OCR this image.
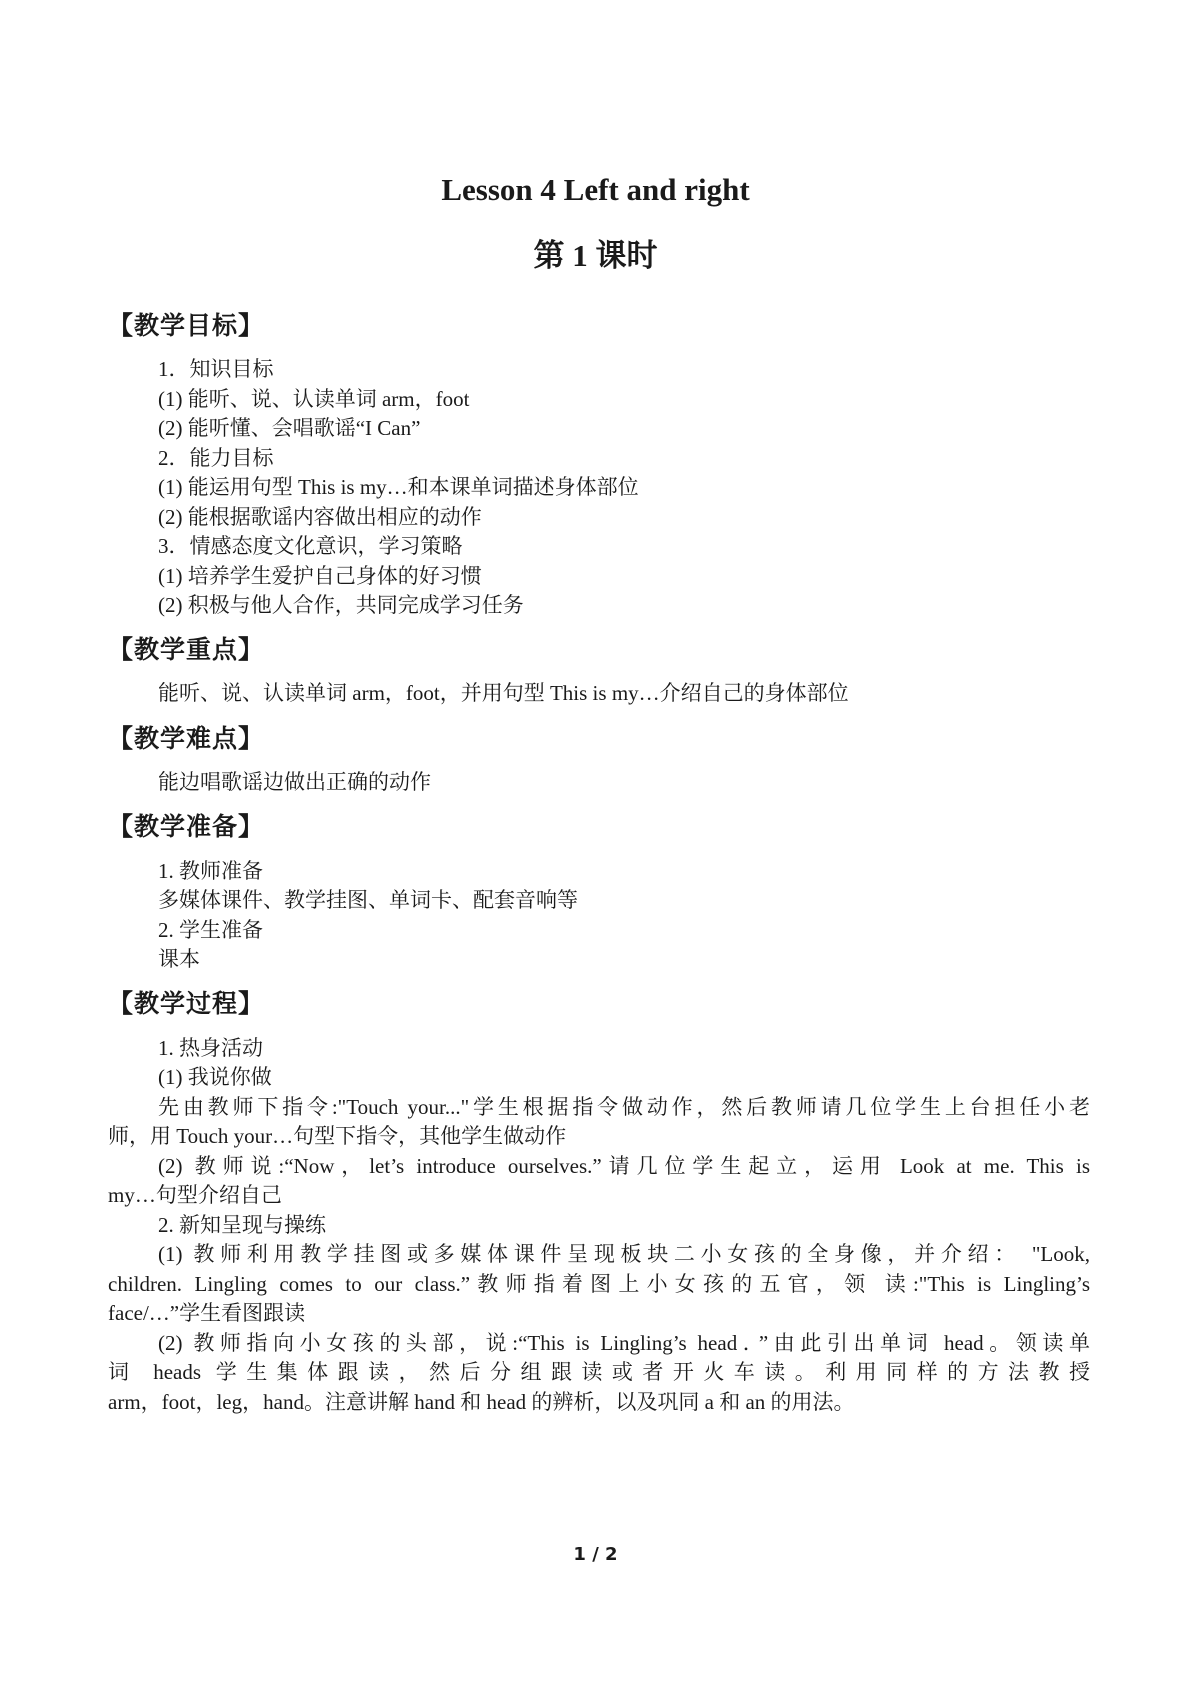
Lesson 4 Left and right
第 1 课时
【教学目标】

1．知识目标

(1) 能听、说、认读单词 arm，foot

(2) 能听懂、会唱歌谣“I Can”

2．能力目标

(1) 能运用句型 This is my…和本课单词描述身体部位

(2) 能根据歌谣内容做出相应的动作

3．情感态度文化意识，学习策略

(1) 培养学生爱护自己身体的好习惯

(2) 积极与他人合作，共同完成学习任务

【教学重点】

能听、说、认读单词 arm，foot，并用句型 This is my…介绍自己的身体部位

【教学难点】

能边唱歌谣边做出正确的动作

【教学准备】

1. 教师准备

多媒体课件、教学挂图、单词卡、配套音响等

2. 学生准备

课本

【教学过程】

1. 热身活动

(1) 我说你做

先由教师下指令:"Touch your..."学生根据指令做动作，然后教师请几位学生上台担任小老

师，用 Touch your…句型下指令，其他学生做动作

(2) 教师说:“Now，let’s introduce ourselves.”请几位学生起立，运用 Look at me. This is

my…句型介绍自己

2. 新知呈现与操练

(1) 教师利用教学挂图或多媒体课件呈现板块二小女孩的全身像，并介绍： "Look,

children. Lingling comes to our class.”教师指着图上小女孩的五官，领 读:"This is Lingling’s

face/…”学生看图跟读

(2) 教师指向小女孩的头部，说:“This is Lingling’s head．”由此引出单词 head。领读单

词 heads 学生集体跟读，然后分组跟读或者开火车读。利用同样的方法教授

arm，foot，leg，hand。注意讲解 hand 和 head 的辨析，以及巩同 a 和 an 的用法。

1 / 2
